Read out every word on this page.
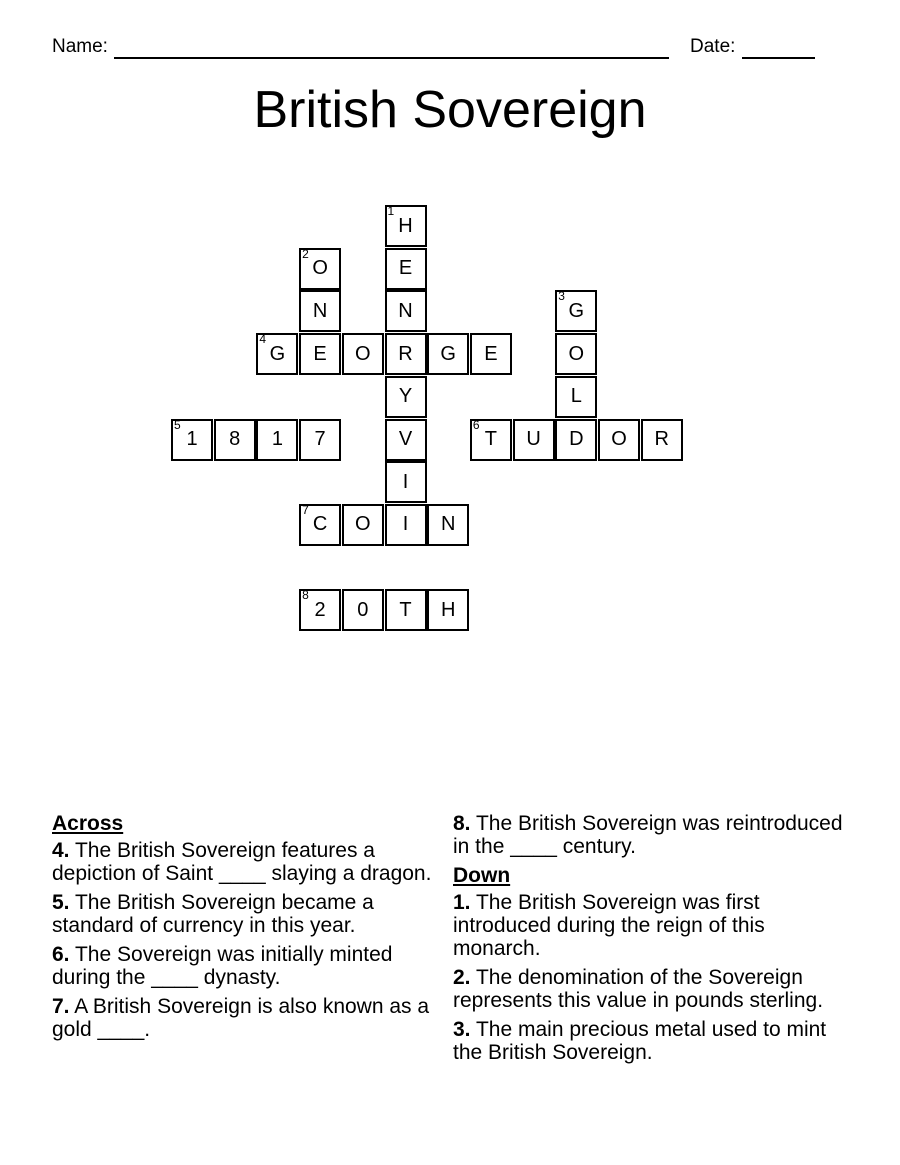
Name:	Date:
British Sovereign
1
H
E
N
R
Y
V
I
I
2
O
N
E
3
G
O
L
D
4
G	O	G	E
5
1	8	1	7
6
T	U	O	R
7
C	O	N
8
2	0	T	H
Across
4. The British Sovereign features a depiction of Saint ____ slaying a dragon.
5. The British Sovereign became a standard of currency in this year.
6. The Sovereign was initially minted during the ____ dynasty.
7. A British Sovereign is also known as a gold ____.
8. The British Sovereign was reintroduced in the ____ century.
Down
1. The British Sovereign was first introduced during the reign of this monarch.
2. The denomination of the Sovereign represents this value in pounds sterling.
3. The main precious metal used to mint the British Sovereign.
